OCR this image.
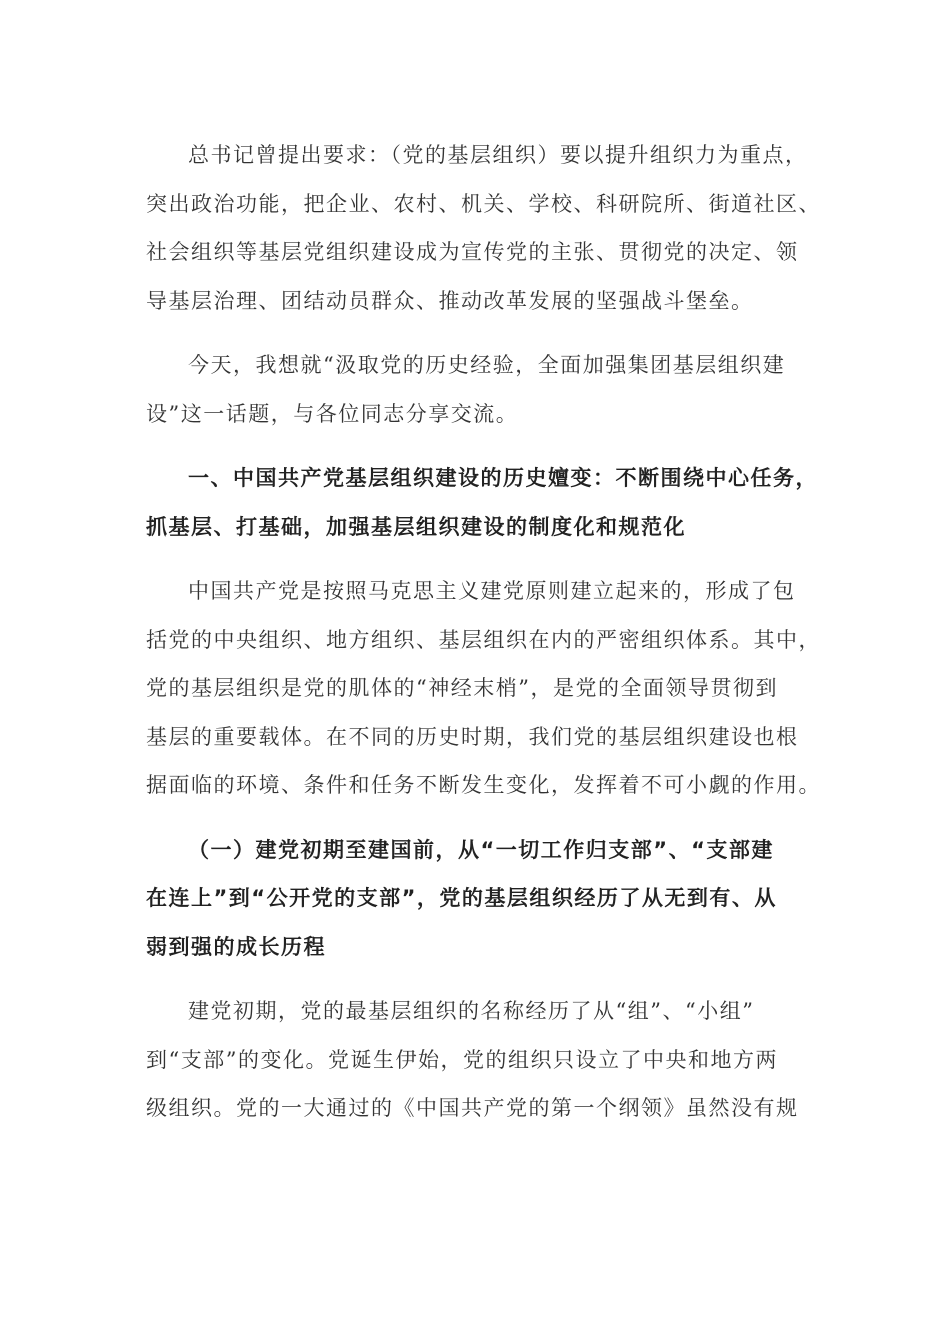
总书记曾提出要求：（党的基层组织）要以提升组织力为重点，
突出政治功能，把企业、农村、机关、学校、科研院所、街道社区、
社会组织等基层党组织建设成为宣传党的主张、贯彻党的决定、领
导基层治理、团结动员群众、推动改革发展的坚强战斗堡垒。

今天，我想就“汲取党的历史经验，全面加强集团基层组织建
设”这一话题，与各位同志分享交流。

一、中国共产党基层组织建设的历史嬗变：不断围绕中心任务，
抓基层、打基础，加强基层组织建设的制度化和规范化

中国共产党是按照马克思主义建党原则建立起来的，形成了包
括党的中央组织、地方组织、基层组织在内的严密组织体系。其中，
党的基层组织是党的肌体的“神经末梢”，是党的全面领导贯彻到
基层的重要载体。在不同的历史时期，我们党的基层组织建设也根
据面临的环境、条件和任务不断发生变化，发挥着不可小觑的作用。

（一）建党初期至建国前，从“一切工作归支部”、“支部建
在连上”到“公开党的支部”，党的基层组织经历了从无到有、从
弱到强的成长历程

建党初期，党的最基层组织的名称经历了从“组”、“小组”
到“支部”的变化。党诞生伊始，党的组织只设立了中央和地方两
级组织。党的一大通过的《中国共产党的第一个纲领》虽然没有规
